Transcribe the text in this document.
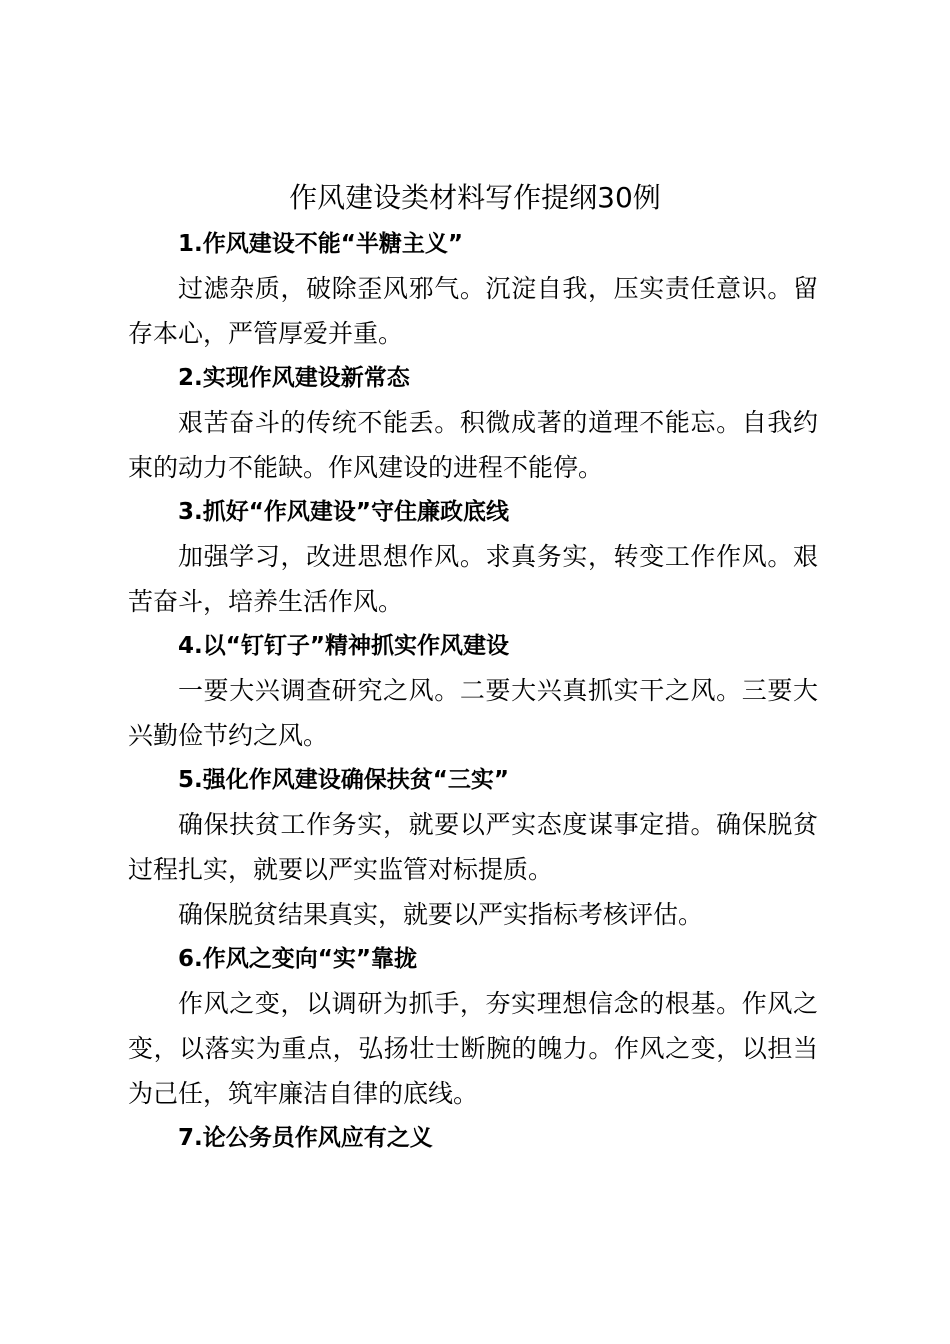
作风建设类材料写作提纲30例
1.作风建设不能“半糖主义”

过滤杂质，破除歪风邪气。沉淀自我，压实责任意识。留存本心，严管厚爱并重。

2.实现作风建设新常态

艰苦奋斗的传统不能丢。积微成著的道理不能忘。自我约束的动力不能缺。作风建设的进程不能停。

3.抓好“作风建设”守住廉政底线

加强学习，改进思想作风。求真务实，转变工作作风。艰苦奋斗，培养生活作风。

4.以“钉钉子”精神抓实作风建设

一要大兴调查研究之风。二要大兴真抓实干之风。三要大兴勤俭节约之风。

5.强化作风建设确保扶贫“三实”

确保扶贫工作务实，就要以严实态度谋事定措。确保脱贫过程扎实，就要以严实监管对标提质。

确保脱贫结果真实，就要以严实指标考核评估。

6.作风之变向“实”靠拢

作风之变，以调研为抓手，夯实理想信念的根基。作风之变，以落实为重点，弘扬壮士断腕的魄力。作风之变，以担当为己任，筑牢廉洁自律的底线。

7.论公务员作风应有之义
